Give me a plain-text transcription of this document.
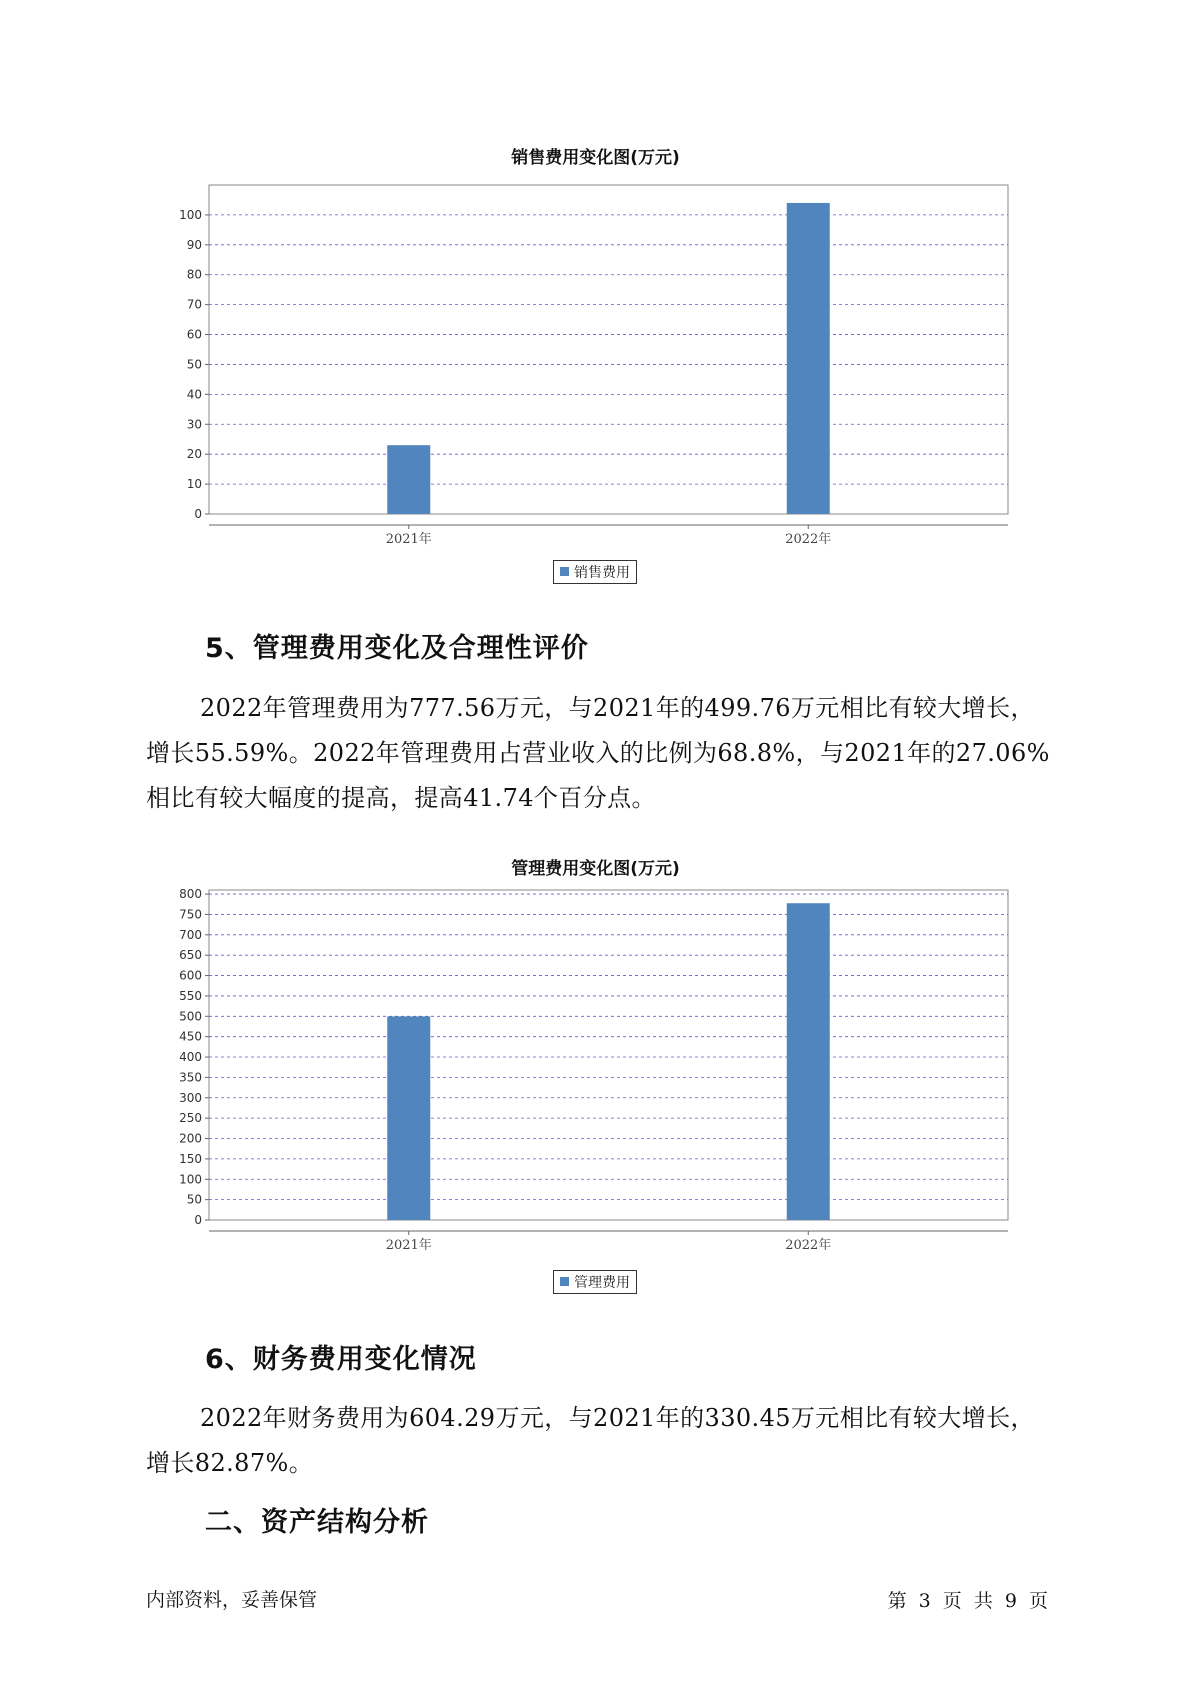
销售费用变化图(万元)
0
10
20
30
40
50
60
70
80
90
100
2021年	2022年
销售费用
5、管理费用变化及合理性评价

2022年管理费用为777.56万元，与2021年的499.76万元相比有较大增长，增长55.59%。2022年管理费用占营业收入的比例为68.8%，与2021年的27.06%相比有较大幅度的提高，提高41.74个百分点。

管理费用变化图(万元)
0
50
100
150
200
250
300
350
400
450
500
550
600
650
700
750
800
2021年	2022年
管理费用
6、财务费用变化情况

2022年财务费用为604.29万元，与2021年的330.45万元相比有较大增长，增长82.87%。

二、资产结构分析
内部资料，妥善保管	第 3 页 共 9 页
